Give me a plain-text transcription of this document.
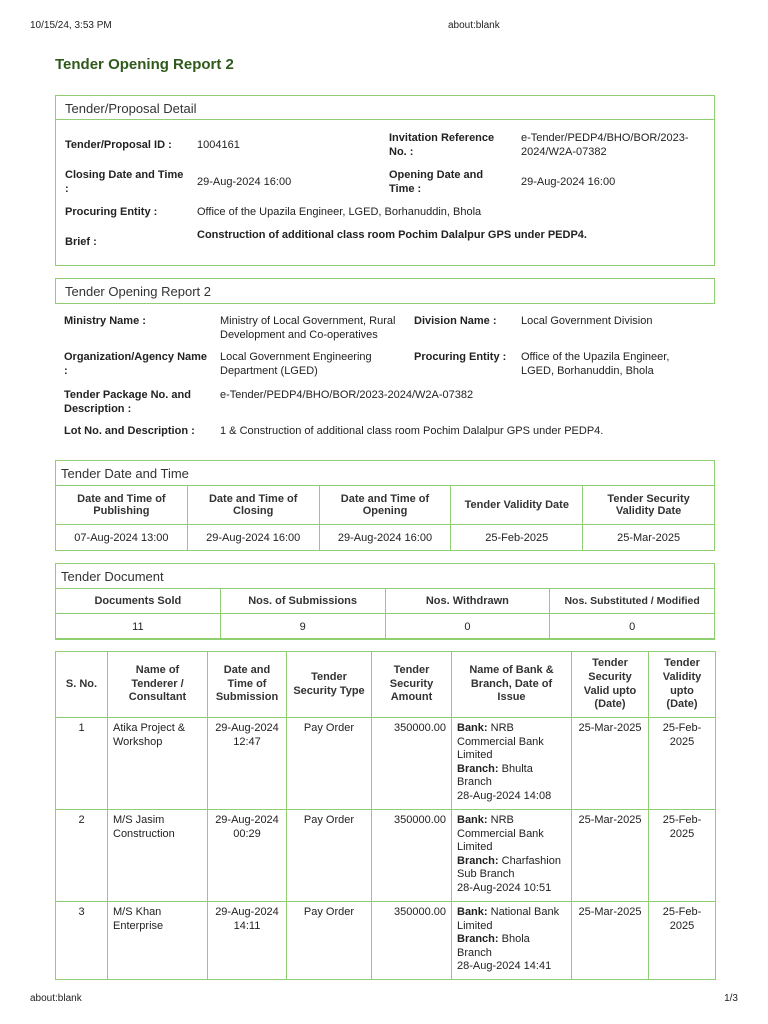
10/15/24, 3:53 PM	about:blank
Tender Opening Report 2
Tender/Proposal Detail
Tender/Proposal ID : 1004161
Invitation Reference
No. :
e-Tender/PEDP4/BHO/BOR/2023-
2024/W2A-07382
Closing Date and Time
:
29-Aug-2024 16:00
Opening Date and
Time :
29-Aug-2024 16:00
Procuring Entity :	Office of the Upazila Engineer, LGED, Borhanuddin, Bhola
Brief :
Construction of additional class room Pochim Dalalpur GPS under PEDP4.
Tender Opening Report 2
Ministry Name :	Ministry of Local Government, Rural
Development and Co-operatives
Division Name : Local Government Division
Organization/Agency Name
:
Local Government Engineering
Department (LGED)
Procuring Entity : Office of the Upazila Engineer,
LGED, Borhanuddin, Bhola
Tender Package No. and
Description :
e-Tender/PEDP4/BHO/BOR/2023-2024/W2A-07382
Lot No. and Description : 1 & Construction of additional class room Pochim Dalalpur GPS under PEDP4.
Tender Date and Time
Date and Time of Publishing	Date and Time of Closing	Date and Time of Opening	Tender Validity Date	Tender Security Validity Date
07-Aug-2024 13:00	29-Aug-2024 16:00	29-Aug-2024 16:00	25-Feb-2025	25-Mar-2025
Tender Document
Documents Sold	Nos. of Submissions	Nos. Withdrawn	Nos. Substituted / Modified
11	9	0	0
S. No.	Name of Tenderer / Consultant	Date and Time of Submission	Tender Security Type	Tender Security Amount	Name of Bank & Branch, Date of Issue	Tender Security Valid upto (Date)	Tender Validity upto (Date)
1	Atika Project & Workshop	29-Aug-2024 12:47	Pay Order	350000.00	Bank: NRB Commercial Bank Limited
Branch: Bhulta Branch
28-Aug-2024 14:08	25-Mar-2025	25-Feb-2025
2	M/S Jasim Construction	29-Aug-2024 00:29	Pay Order	350000.00	Bank: NRB Commercial Bank Limited
Branch: Charfashion Sub Branch
28-Aug-2024 10:51	25-Mar-2025	25-Feb-2025
3	M/S Khan Enterprise	29-Aug-2024 14:11	Pay Order	350000.00	Bank: National Bank Limited
Branch: Bhola Branch
28-Aug-2024 14:41	25-Mar-2025	25-Feb-2025
about:blank	1/3
